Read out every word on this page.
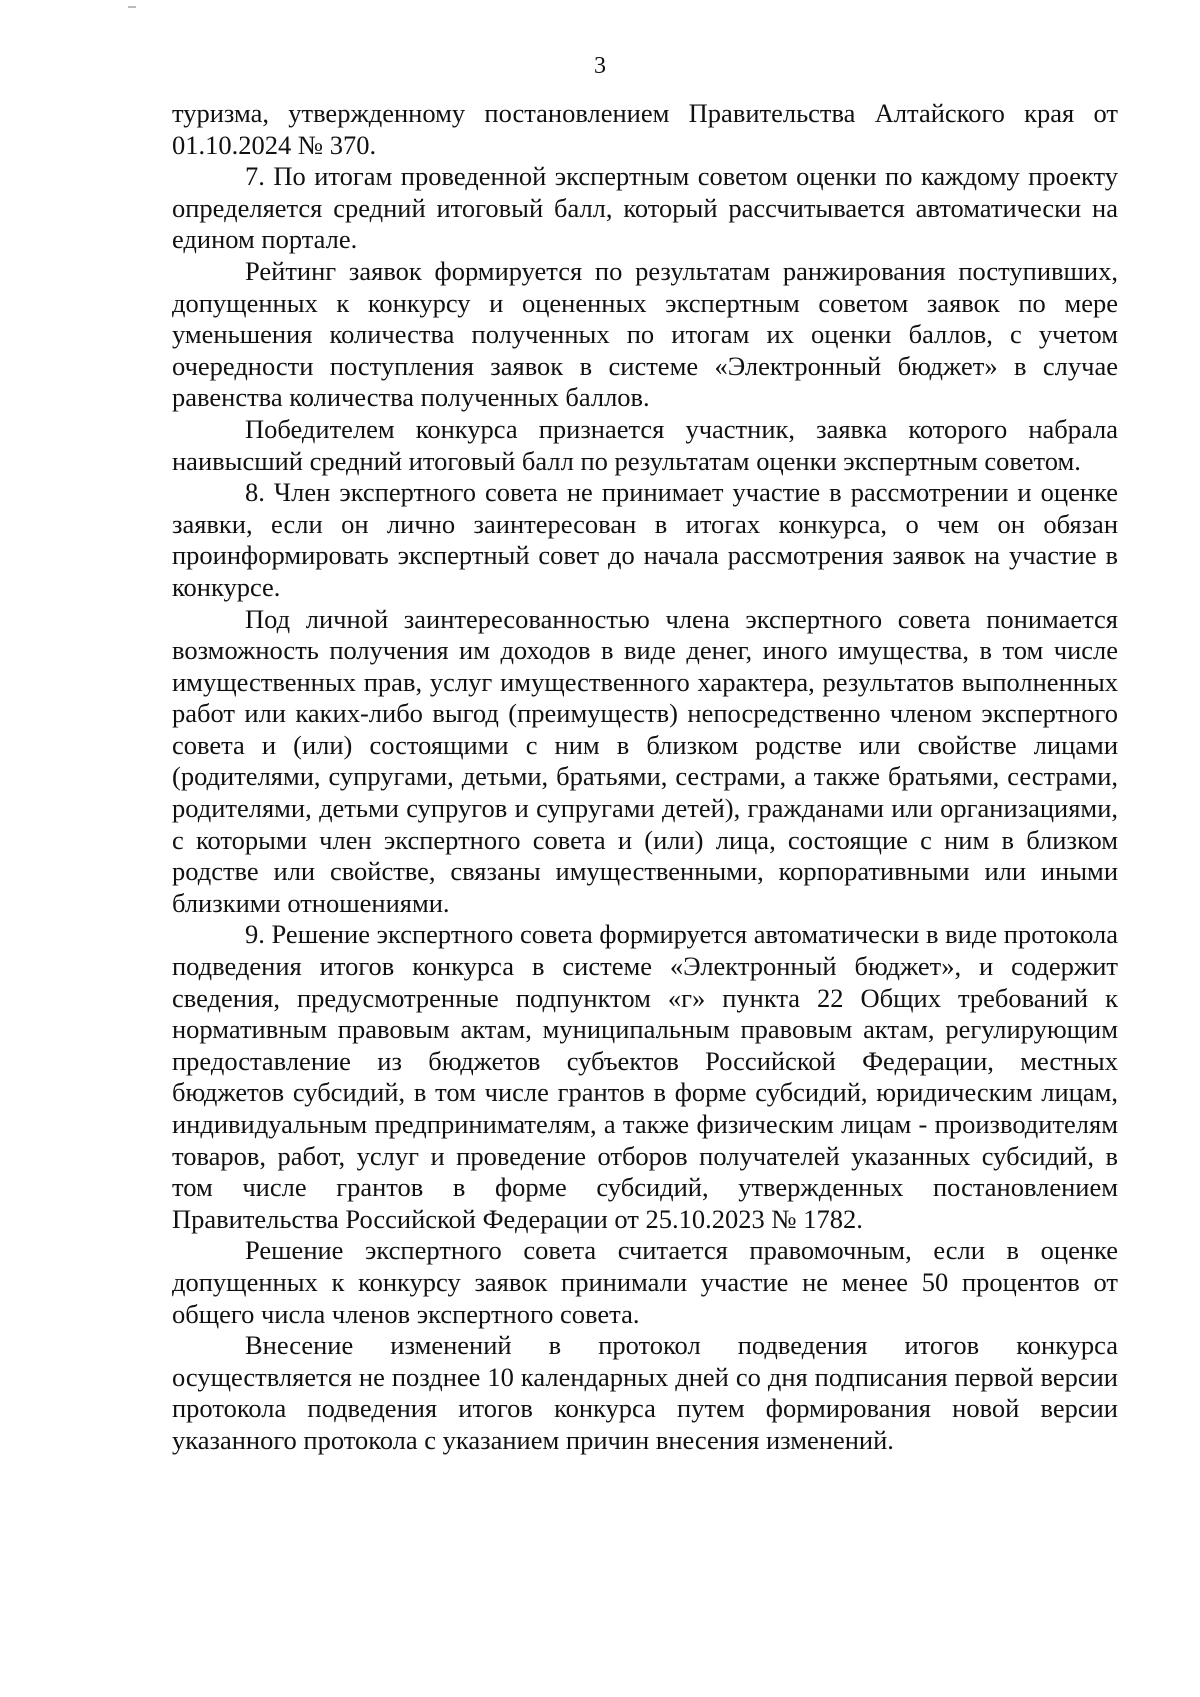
3

туризма, утвержденному постановлением Правительства Алтайского края от 01.10.2024 № 370.

7. По итогам проведенной экспертным советом оценки по каждому проекту определяется средний итоговый балл, который рассчитывается автоматически на едином портале.

Рейтинг заявок формируется по результатам ранжирования поступивших, допущенных к конкурсу и оцененных экспертным советом заявок по мере уменьшения количества полученных по итогам их оценки баллов, с учетом очередности поступления заявок в системе «Электронный бюджет» в случае равенства количества полученных баллов.

Победителем конкурса признается участник, заявка которого набрала наивысший средний итоговый балл по результатам оценки экспертным советом.

8. Член экспертного совета не принимает участие в рассмотрении и оценке заявки, если он лично заинтересован в итогах конкурса, о чем он обязан проинформировать экспертный совет до начала рассмотрения заявок на участие в конкурсе.

Под личной заинтересованностью члена экспертного совета понимается возможность получения им доходов в виде денег, иного имущества, в том числе имущественных прав, услуг имущественного характера, результатов выполненных работ или каких-либо выгод (преимуществ) непосредственно членом экспертного совета и (или) состоящими с ним в близком родстве или свойстве лицами (родителями, супругами, детьми, братьями, сестрами, а также братьями, сестрами, родителями, детьми супругов и супругами детей), гражданами или организациями, с которыми член экспертного совета и (или) лица, состоящие с ним в близком родстве или свойстве, связаны имущественными, корпоративными или иными близкими отношениями.

9. Решение экспертного совета формируется автоматически в виде протокола подведения итогов конкурса в системе «Электронный бюджет», и содержит сведения, предусмотренные подпунктом «г» пункта 22 Общих требований к нормативным правовым актам, муниципальным правовым актам, регулирующим предоставление из бюджетов субъектов Российской Федерации, местных бюджетов субсидий, в том числе грантов в форме субсидий, юридическим лицам, индивидуальным предпринимателям, а также физическим лицам - производителям товаров, работ, услуг и проведение отборов получателей указанных субсидий, в том числе грантов в форме субсидий, утвержденных постановлением Правительства Российской Федерации от 25.10.2023 № 1782.

Решение экспертного совета считается правомочным, если в оценке допущенных к конкурсу заявок принимали участие не менее 50 процентов от общего числа членов экспертного совета.

Внесение изменений в протокол подведения итогов конкурса осуществляется не позднее 10 календарных дней со дня подписания первой версии протокола подведения итогов конкурса путем формирования новой версии указанного протокола с указанием причин внесения изменений.
